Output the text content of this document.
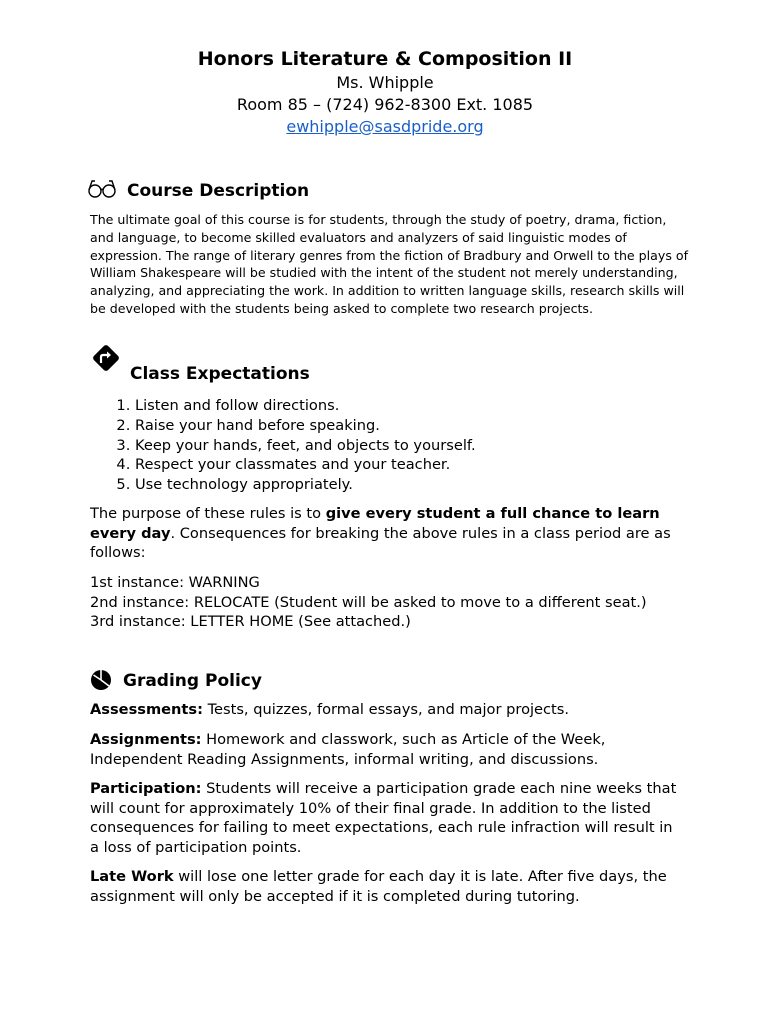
Honors Literature & Composition II
Ms. Whipple
Room 85 – (724) 962-8300 Ext. 1085
ewhipple@sasdpride.org
Course Description

The ultimate goal of this course is for students, through the study of poetry, drama, fiction, and language, to become skilled evaluators and analyzers of said linguistic modes of expression. The range of literary genres from the fiction of Bradbury and Orwell to the plays of William Shakespeare will be studied with the intent of the student not merely understanding, analyzing, and appreciating the work. In addition to written language skills, research skills will be developed with the students being asked to complete two research projects.

Class Expectations
1. Listen and follow directions.
2. Raise your hand before speaking.
3. Keep your hands, feet, and objects to yourself.
4. Respect your classmates and your teacher.
5. Use technology appropriately.

The purpose of these rules is to give every student a full chance to learn every day. Consequences for breaking the above rules in a class period are as follows:

1st instance: WARNING
2nd instance: RELOCATE (Student will be asked to move to a different seat.)
3rd instance: LETTER HOME (See attached.)

Grading Policy

Assessments: Tests, quizzes, formal essays, and major projects.

Assignments: Homework and classwork, such as Article of the Week, Independent Reading Assignments, informal writing, and discussions.

Participation: Students will receive a participation grade each nine weeks that will count for approximately 10% of their final grade. In addition to the listed consequences for failing to meet expectations, each rule infraction will result in a loss of participation points.

Late Work will lose one letter grade for each day it is late. After five days, the assignment will only be accepted if it is completed during tutoring.
